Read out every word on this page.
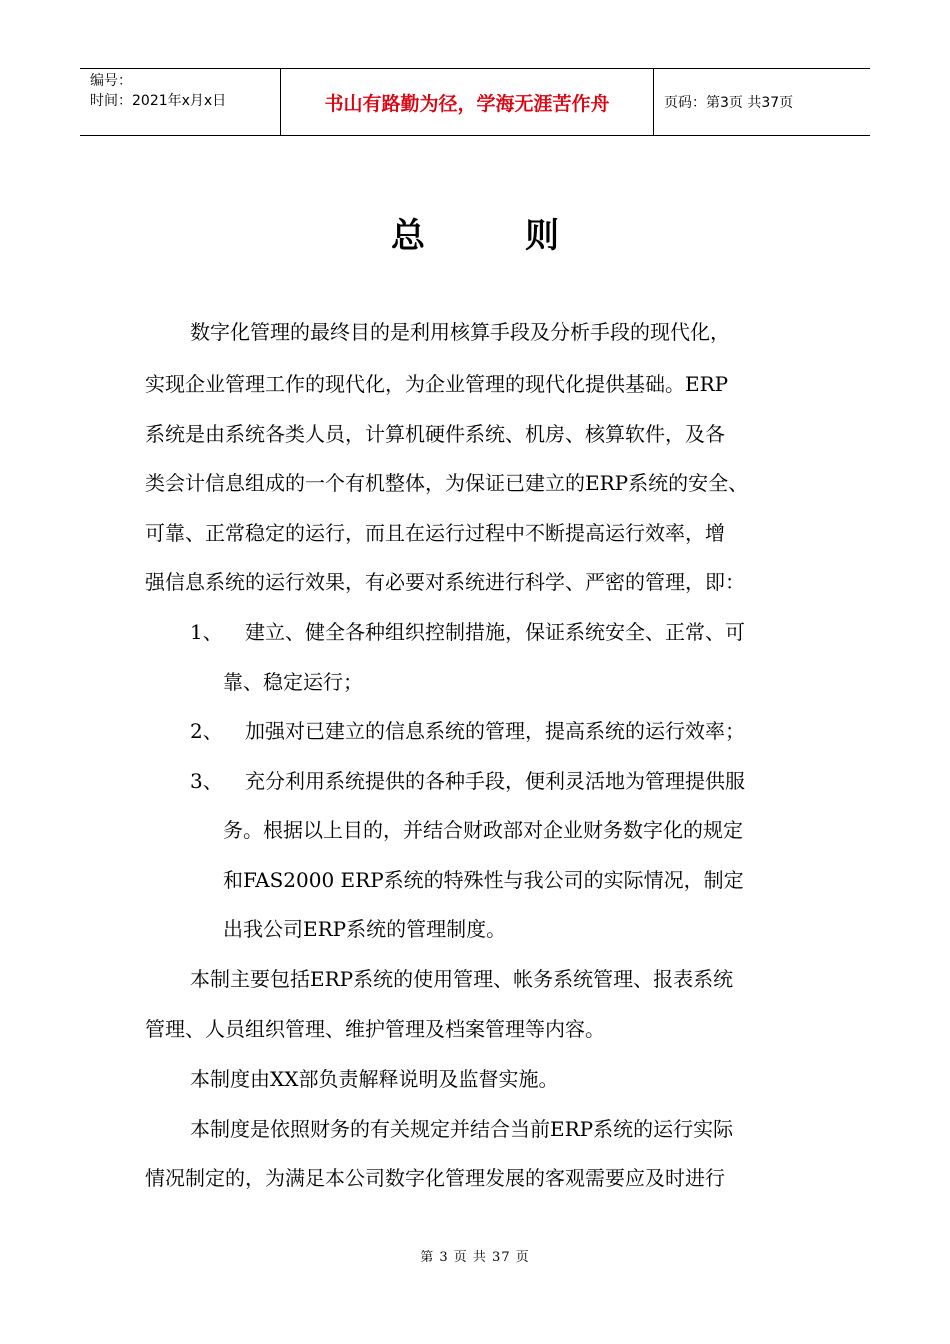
编号：
时间：2021年x月x日	书山有路勤为径，学海无涯苦作舟	页码：第3页 共37页
总	则
数字化管理的最终目的是利用核算手段及分析手段的现代化，
实现企业管理工作的现代化，为企业管理的现代化提供基础。ERP
系统是由系统各类人员，计算机硬件系统、机房、核算软件，及各
类会计信息组成的一个有机整体，为保证已建立的ERP系统的安全、
可靠、正常稳定的运行，而且在运行过程中不断提高运行效率，增
强信息系统的运行效果，有必要对系统进行科学、严密的管理，即：
1、 建立、健全各种组织控制措施，保证系统安全、正常、可
靠、稳定运行；
2、 加强对已建立的信息系统的管理，提高系统的运行效率；
3、 充分利用系统提供的各种手段，便利灵活地为管理提供服
务。根据以上目的，并结合财政部对企业财务数字化的规定
和FAS2000 ERP系统的特殊性与我公司的实际情况，制定
出我公司ERP系统的管理制度。
本制主要包括ERP系统的使用管理、帐务系统管理、报表系统
管理、人员组织管理、维护管理及档案管理等内容。
本制度由XX部负责解释说明及监督实施。
本制度是依照财务的有关规定并结合当前ERP系统的运行实际
情况制定的，为满足本公司数字化管理发展的客观需要应及时进行
第 3 页 共 37 页
